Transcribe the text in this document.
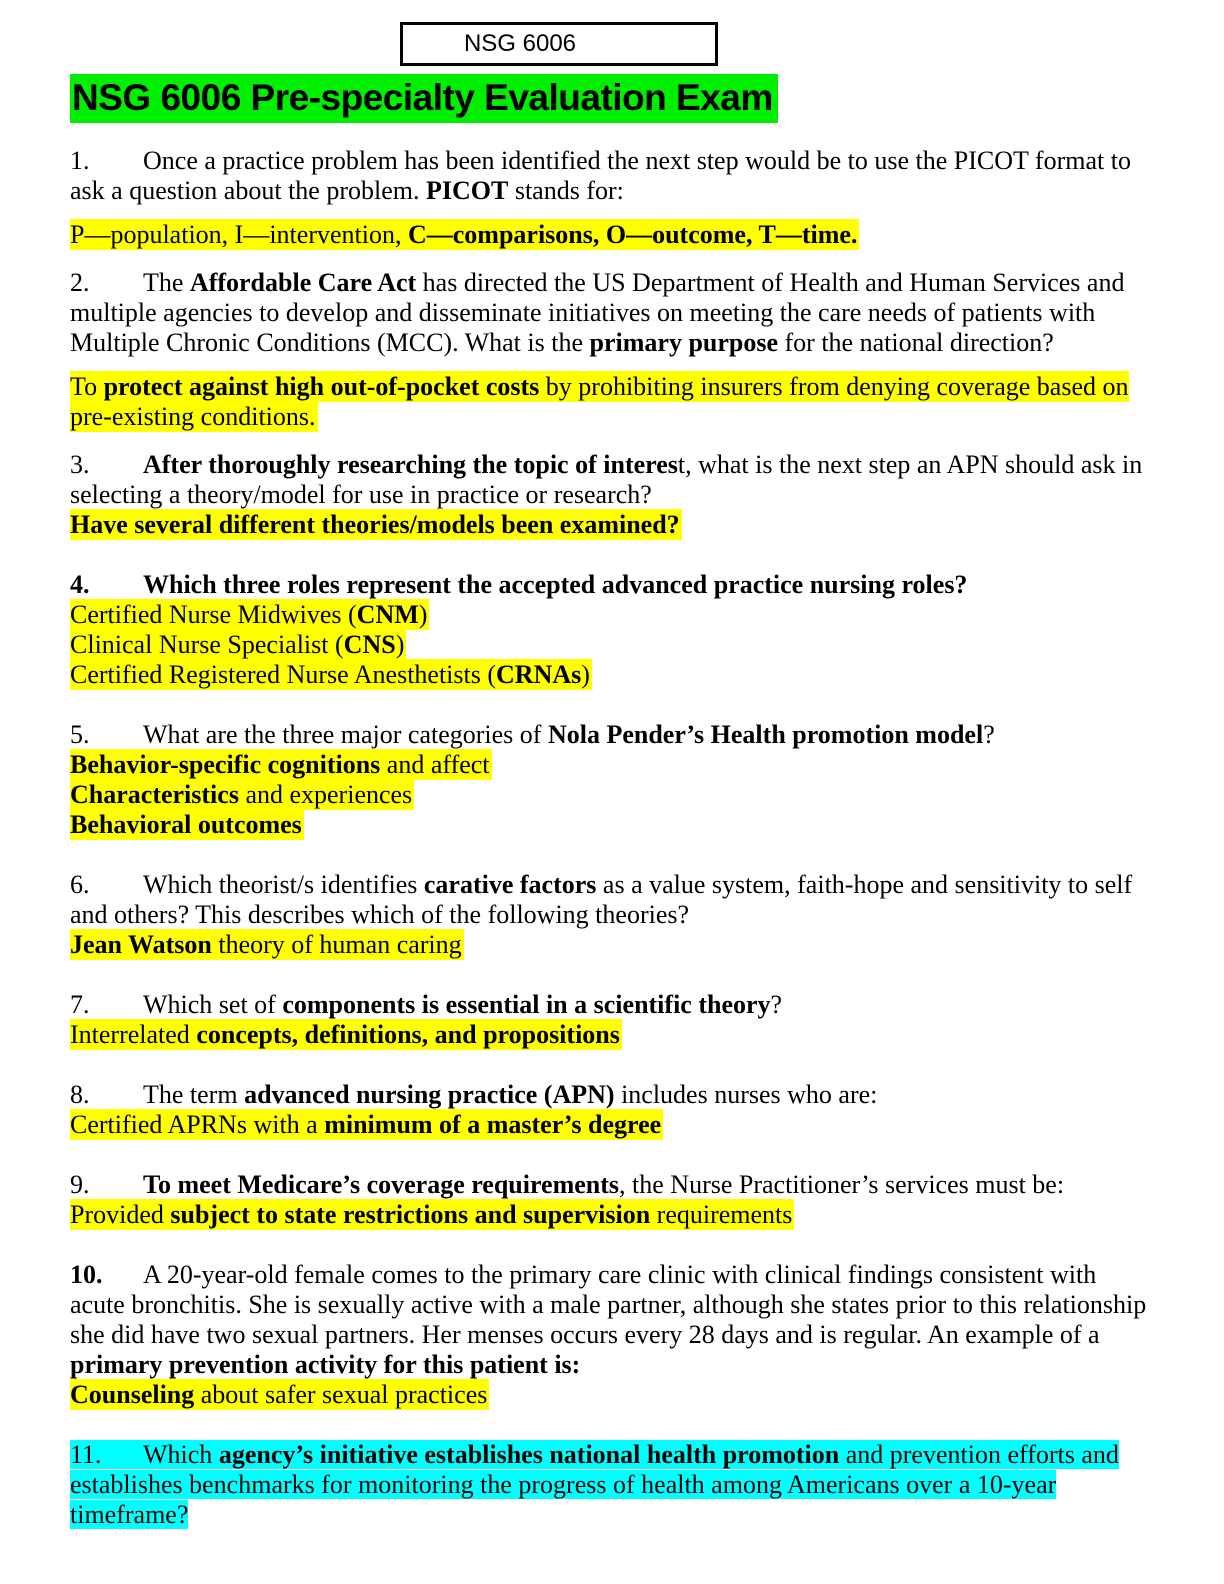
NSG 6006
NSG 6006 Pre-specialty Evaluation Exam

1. Once a practice problem has been identified the next step would be to use the PICOT format to ask a question about the problem. PICOT stands for:

P—population, I—intervention, C—comparisons, O—outcome, T—time.

2. The Affordable Care Act has directed the US Department of Health and Human Services and multiple agencies to develop and disseminate initiatives on meeting the care needs of patients with Multiple Chronic Conditions (MCC). What is the primary purpose for the national direction?

To protect against high out-of-pocket costs by prohibiting insurers from denying coverage based on pre-existing conditions.

3. After thoroughly researching the topic of interest, what is the next step an APN should ask in selecting a theory/model for use in practice or research?

Have several different theories/models been examined?

4. Which three roles represent the accepted advanced practice nursing roles?

Certified Nurse Midwives (CNM)

Clinical Nurse Specialist (CNS)

Certified Registered Nurse Anesthetists (CRNAs)

5. What are the three major categories of Nola Pender’s Health promotion model?

Behavior-specific cognitions and affect

Characteristics and experiences

Behavioral outcomes

6. Which theorist/s identifies carative factors as a value system, faith-hope and sensitivity to self and others? This describes which of the following theories?

Jean Watson theory of human caring

7. Which set of components is essential in a scientific theory?

Interrelated concepts, definitions, and propositions

8. The term advanced nursing practice (APN) includes nurses who are:

Certified APRNs with a minimum of a master’s degree

9. To meet Medicare’s coverage requirements, the Nurse Practitioner’s services must be:

Provided subject to state restrictions and supervision requirements

10. A 20-year-old female comes to the primary care clinic with clinical findings consistent with acute bronchitis. She is sexually active with a male partner, although she states prior to this relationship she did have two sexual partners. Her menses occurs every 28 days and is regular. An example of a primary prevention activity for this patient is:

Counseling about safer sexual practices

11. Which agency’s initiative establishes national health promotion and prevention efforts and establishes benchmarks for monitoring the progress of health among Americans over a 10-year timeframe?
